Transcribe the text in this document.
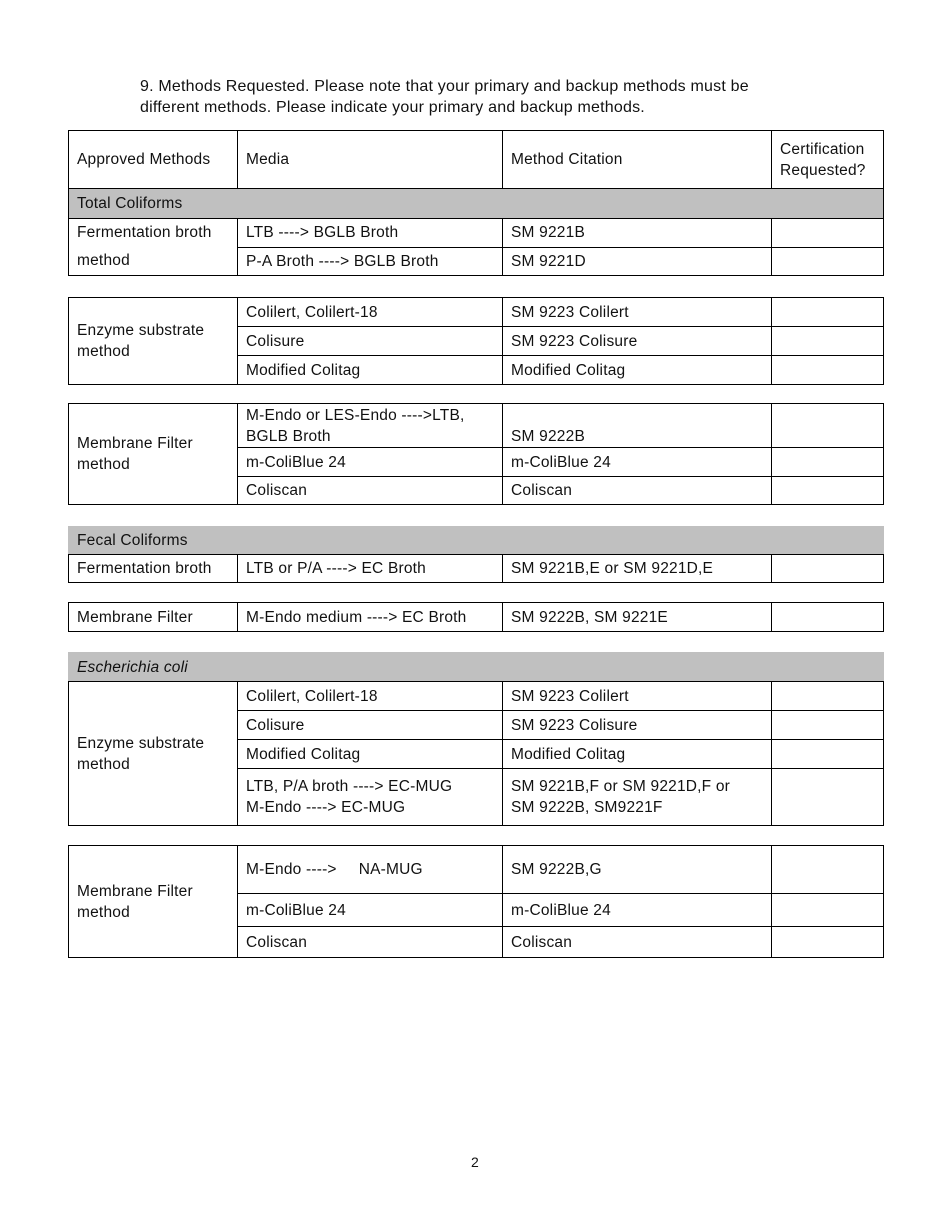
9. Methods Requested. Please note that your primary and backup methods must be
different methods. Please indicate your primary and backup methods.

Approved Methods	Media	Method Citation	Certification
Requested?
Total Coliforms			
Fermentation broth
method	LTB ----> BGLB Broth	SM 9221B	
	P-A Broth ----> BGLB Broth	SM 9221D	
Enzyme substrate
method	Colilert, Colilert-18	SM 9223 Colilert	
	Colisure	SM 9223 Colisure	
	Modified Colitag	Modified Colitag	
Membrane Filter
method	M-Endo or LES-Endo ---->LTB,
BGLB Broth	SM 9222B	
	m-ColiBlue 24	m-ColiBlue 24	
	Coliscan	Coliscan	
Fecal Coliforms
Fermentation broth	LTB or P/A ----> EC Broth	SM 9221B,E or SM 9221D,E	
Membrane Filter	M-Endo medium ----> EC Broth	SM 9222B, SM 9221E	
Escherichia coli			
Enzyme substrate
method	Colilert, Colilert-18	SM 9223 Colilert	
	Colisure	SM 9223 Colisure	
	Modified Colitag	Modified Colitag	
	LTB, P/A broth ----> EC-MUG
M-Endo ----> EC-MUG	SM 9221B,F or SM 9221D,F or
SM 9222B, SM9221F	
Membrane Filter
method	M-Endo ----> NA-MUG	SM 9222B,G	
	m-ColiBlue 24	m-ColiBlue 24	
	Coliscan	Coliscan	
2
